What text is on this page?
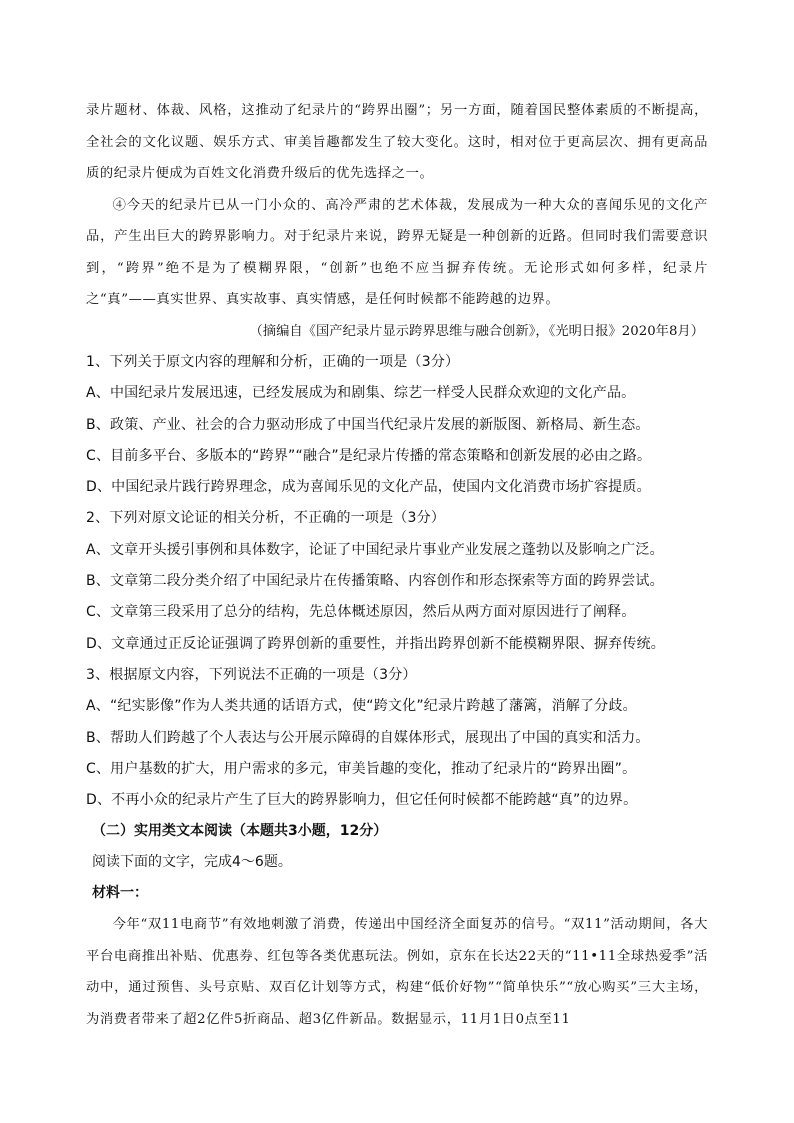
录片题材、体裁、风格，这推动了纪录片的“跨界出圈”；另一方面，随着国民整体素质的不断提高，全社会的文化议题、娱乐方式、审美旨趣都发生了较大变化。这时，相对位于更高层次、拥有更高品质的纪录片便成为百姓文化消费升级后的优先选择之一。

④今天的纪录片已从一门小众的、高冷严肃的艺术体裁，发展成为一种大众的喜闻乐见的文化产品，产生出巨大的跨界影响力。对于纪录片来说，跨界无疑是一种创新的近路。但同时我们需要意识到，“跨界”绝不是为了模糊界限，“创新”也绝不应当摒弃传统。无论形式如何多样，纪录片之“真”——真实世界、真实故事、真实情感，是任何时候都不能跨越的边界。

（摘编自《国产纪录片显示跨界思维与融合创新》，《光明日报》2020年8月）

1、下列关于原文内容的理解和分析，正确的一项是（3分）

A、中国纪录片发展迅速，已经发展成为和剧集、综艺一样受人民群众欢迎的文化产品。

B、政策、产业、社会的合力驱动形成了中国当代纪录片发展的新版图、新格局、新生态。

C、目前多平台、多版本的“跨界”“融合”是纪录片传播的常态策略和创新发展的必由之路。

D、中国纪录片践行跨界理念，成为喜闻乐见的文化产品，使国内文化消费市场扩容提质。

2、下列对原文论证的相关分析，不正确的一项是（3分）

A、文章开头援引事例和具体数字，论证了中国纪录片事业产业发展之蓬勃以及影响之广泛。

B、文章第二段分类介绍了中国纪录片在传播策略、内容创作和形态探索等方面的跨界尝试。

C、文章第三段采用了总分的结构，先总体概述原因，然后从两方面对原因进行了阐释。

D、文章通过正反论证强调了跨界创新的重要性，并指出跨界创新不能模糊界限、摒弃传统。

3、根据原文内容，下列说法不正确的一项是（3分）

A、“纪实影像”作为人类共通的话语方式，使“跨文化”纪录片跨越了藩篱，消解了分歧。

B、帮助人们跨越了个人表达与公开展示障碍的自媒体形式，展现出了中国的真实和活力。

C、用户基数的扩大，用户需求的多元，审美旨趣的变化，推动了纪录片的“跨界出圈”。

D、不再小众的纪录片产生了巨大的跨界影响力，但它任何时候都不能跨越“真”的边界。

（二）实用类文本阅读（本题共3小题，12分）

阅读下面的文字，完成4～6题。

材料一：

今年“双11电商节”有效地刺激了消费，传递出中国经济全面复苏的信号。“双11”活动期间，各大平台电商推出补贴、优惠券、红包等各类优惠玩法。例如，京东在长达22天的“11•11全球热爱季”活动中，通过预售、头号京贴、双百亿计划等方式，构建“低价好物”“简单快乐”“放心购买”三大主场，为消费者带来了超2亿件5折商品、超3亿件新品。数据显示，11月1日0点至11
